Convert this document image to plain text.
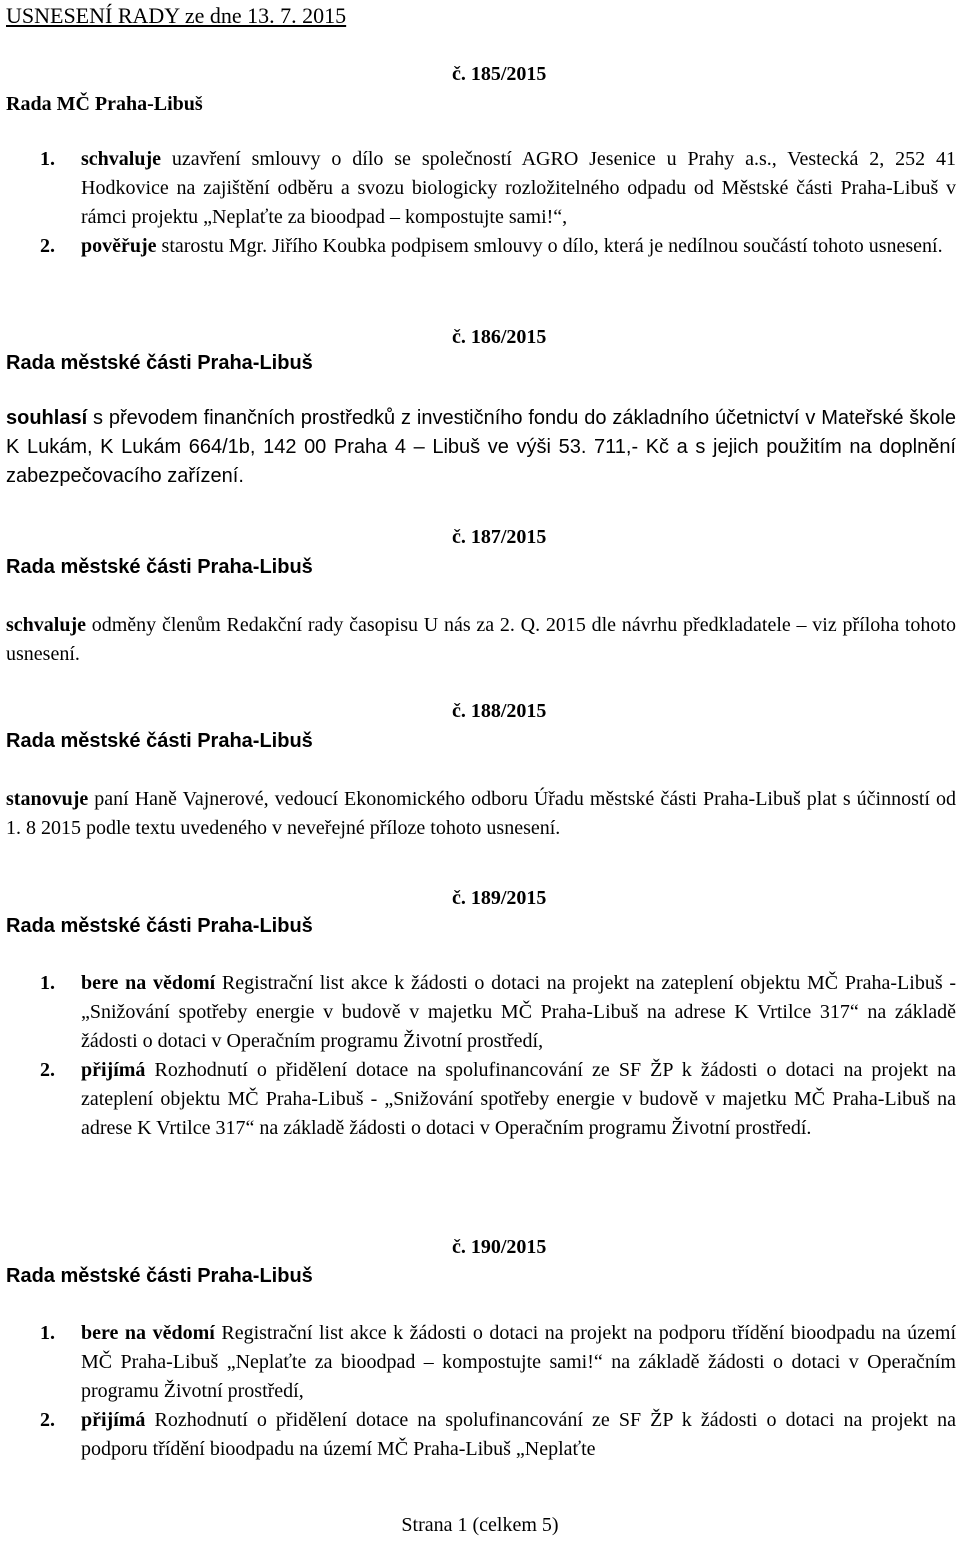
USNESENÍ RADY ze dne 13. 7. 2015
č. 185/2015
Rada MČ Praha-Libuš
1. schvaluje uzavření smlouvy o dílo se společností AGRO Jesenice u Prahy a.s., Vestecká 2, 252 41 Hodkovice na zajištění odběru a svozu biologicky rozložitelného odpadu od Městské části Praha-Libuš v rámci projektu „Neplaťte za bioodpad – kompostujte sami!“,
2. pověřuje starostu Mgr. Jiřího Koubka podpisem smlouvy o dílo, která je nedílnou součástí tohoto usnesení.
č. 186/2015
Rada městské části Praha-Libuš
souhlasí s převodem finančních prostředků z investičního fondu do základního účetnictví v Mateřské škole K Lukám, K Lukám 664/1b, 142 00 Praha 4 – Libuš ve výši 53. 711,- Kč a s jejich použitím na doplnění zabezpečovacího zařízení.
č. 187/2015
Rada městské části Praha-Libuš
schvaluje odměny členům Redakční rady časopisu U nás za 2. Q. 2015 dle návrhu předkladatele – viz příloha tohoto usnesení.
č. 188/2015
Rada městské části Praha-Libuš
stanovuje paní Haně Vajnerové, vedoucí Ekonomického odboru Úřadu městské části Praha-Libuš plat s účinností od 1. 8 2015 podle textu uvedeného v neveřejné příloze tohoto usnesení.
č. 189/2015
Rada městské části Praha-Libuš
1. bere na vědomí Registrační list akce k žádosti o dotaci na projekt na zateplení objektu MČ Praha-Libuš - „Snižování spotřeby energie v budově v majetku MČ Praha-Libuš na adrese K Vrtilce 317“ na základě žádosti o dotaci v Operačním programu Životní prostředí,
2. přijímá Rozhodnutí o přidělení dotace na spolufinancování ze SF ŽP k žádosti o dotaci na projekt na zateplení objektu MČ Praha-Libuš - „Snižování spotřeby energie v budově v majetku MČ Praha-Libuš na adrese K Vrtilce 317“ na základě žádosti o dotaci v Operačním programu Životní prostředí.
č. 190/2015
Rada městské části Praha-Libuš
1. bere na vědomí Registrační list akce k žádosti o dotaci na projekt na podporu třídění bioodpadu na území MČ Praha-Libuš „Neplaťte za bioodpad – kompostujte sami!“ na základě žádosti o dotaci v Operačním programu Životní prostředí,
2. přijímá Rozhodnutí o přidělení dotace na spolufinancování ze SF ŽP k žádosti o dotaci na projekt na podporu třídění bioodpadu na území MČ Praha-Libuš „Neplaťte
Strana 1 (celkem 5)
